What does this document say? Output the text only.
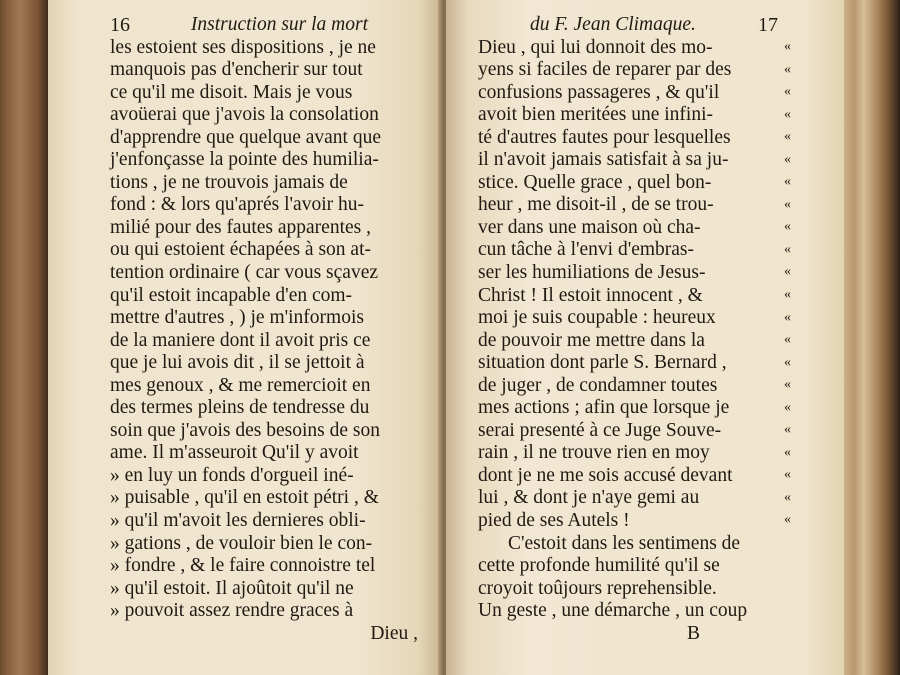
16	Instruction sur la mort
les estoient ses dispositions , je ne
manquois pas d'encherir sur tout
ce qu'il me disoit. Mais je vous
avoüerai que j'avois la consolation
d'apprendre que quelque avant que
j'enfonçasse la pointe des humilia-
tions , je ne trouvois jamais de
fond : & lors qu'aprés l'avoir hu-
milié pour des fautes apparentes ,
ou qui estoient échapées à son at-
tention ordinaire ( car vous sçavez
qu'il estoit incapable d'en com-
mettre d'autres , ) je m'informois
de la maniere dont il avoit pris ce
que je lui avois dit , il se jettoit à
mes genoux , & me remercioit en
des termes pleins de tendresse du
soin que j'avois des besoins de son
ame. Il m'asseuroit Qu'il y avoit
» en luy un fonds d'orgueil iné-
» puisable , qu'il en estoit pétri , &
» qu'il m'avoit les dernieres obli-
» gations , de vouloir bien le con-
» fondre , & le faire connoistre tel
» qu'il estoit. Il ajoûtoit qu'il ne
» pouvoit assez rendre graces à
Dieu ,
du F. Jean Climaque.	17
Dieu , qui lui donnoit des mo-
yens si faciles de reparer par des
confusions passageres , & qu'il
avoit bien meritées une infini-
té d'autres fautes pour lesquelles
il n'avoit jamais satisfait à sa ju-
stice. Quelle grace , quel bon-
heur , me disoit-il , de se trou-
ver dans une maison où cha-
cun tâche à l'envi d'embras-
ser les humiliations de Jesus-
Christ ! Il estoit innocent , &
moi je suis coupable : heureux
de pouvoir me mettre dans la
situation dont parle S. Bernard ,
de juger , de condamner toutes
mes actions ; afin que lorsque je
serai presenté à ce Juge Souve-
rain , il ne trouve rien en moy
dont je ne me sois accusé devant
lui , & dont je n'aye gemi au
pied de ses Autels !
C'estoit dans les sentimens de
cette profonde humilité qu'il se
croyoit toûjours reprehensible.
Un geste , une démarche , un coup
B
«
«
«
«
«
«
«
«
«
«
«
«
«
«
«
«
«
«
«
«
«
«
